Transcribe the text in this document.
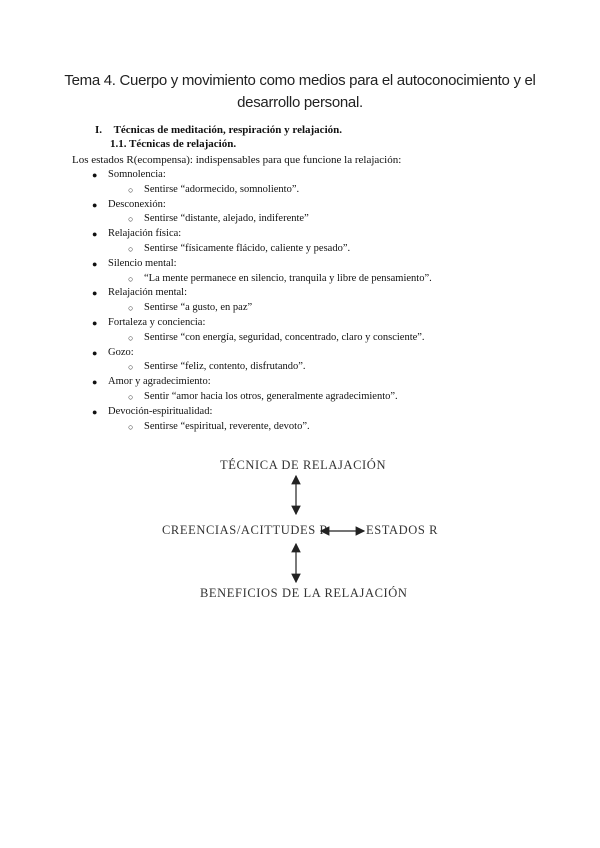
Tema 4. Cuerpo y movimiento como medios para el autoconocimiento y el desarrollo personal.
I. Técnicas de meditación, respiración y relajación.
1.1. Técnicas de relajación.
Los estados R(ecompensa): indispensables para que funcione la relajación:
● Somnolencia:
○ Sentirse “adormecido, somnoliento”.
● Desconexión:
○ Sentirse “distante, alejado, indiferente”
● Relajación física:
○ Sentirse “físicamente flácido, caliente y pesado”.
● Silencio mental:
○ “La mente permanece en silencio, tranquila y libre de pensamiento”.
● Relajación mental:
○ Sentirse “a gusto, en paz”
● Fortaleza y conciencia:
○ Sentirse “con energía, seguridad, concentrado, claro y consciente”.
● Gozo:
○ Sentirse “feliz, contento, disfrutando”.
● Amor y agradecimiento:
○ Sentir “amor hacia los otros, generalmente agradecimiento”.
● Devoción-espiritualidad:
○ Sentirse “espiritual, reverente, devoto”.
TÉCNICA DE RELAJACIÓN
CREENCIAS/ACITTUDES R	ESTADOS R
BENEFICIOS DE LA RELAJACIÓN
